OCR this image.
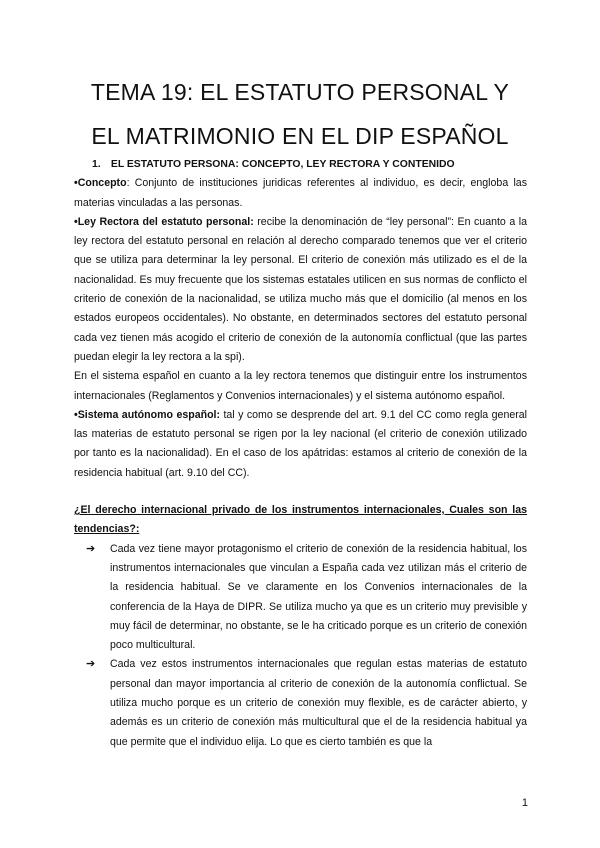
TEMA 19: EL ESTATUTO PERSONAL Y
EL MATRIMONIO EN EL DIP ESPAÑOL

1. EL ESTATUTO PERSONA: CONCEPTO, LEY RECTORA Y CONTENIDO

•Concepto: Conjunto de instituciones juridicas referentes al individuo, es decir, engloba las materias vinculadas a las personas.

•Ley Rectora del estatuto personal: recibe la denominación de “ley personal”: En cuanto a la ley rectora del estatuto personal en relación al derecho comparado tenemos que ver el criterio que se utiliza para determinar la ley personal. El criterio de conexión más utilizado es el de la nacionalidad. Es muy frecuente que los sistemas estatales utilicen en sus normas de conflicto el criterio de conexión de la nacionalidad, se utiliza mucho más que el domicilio (al menos en los estados europeos occidentales). No obstante, en determinados sectores del estatuto personal cada vez tienen más acogido el criterio de conexión de la autonomía conflictual (que las partes puedan elegir la ley rectora a la spi).

En el sistema español en cuanto a la ley rectora tenemos que distinguir entre los instrumentos internacionales (Reglamentos y Convenios internacionales) y el sistema autónomo español.

•Sistema autónomo español: tal y como se desprende del art. 9.1 del CC como regla general las materias de estatuto personal se rigen por la ley nacional (el criterio de conexión utilizado por tanto es la nacionalidad). En el caso de los apátridas: estamos al criterio de conexión de la residencia habitual (art. 9.10 del CC).

¿El derecho internacional privado de los instrumentos internacionales, Cuales son las tendencias?:

➔ Cada vez tiene mayor protagonismo el criterio de conexión de la residencia habitual, los instrumentos internacionales que vinculan a España cada vez utilizan más el criterio de la residencia habitual. Se ve claramente en los Convenios internacionales de la conferencia de la Haya de DIPR. Se utiliza mucho ya que es un criterio muy previsible y muy fácil de determinar, no obstante, se le ha criticado porque es un criterio de conexión poco multicultural.
➔ Cada vez estos instrumentos internacionales que regulan estas materias de estatuto personal dan mayor importancia al criterio de conexión de la autonomía conflictual. Se utiliza mucho porque es un criterio de conexión muy flexible, es de carácter abierto, y además es un criterio de conexión más multicultural que el de la residencia habitual ya que permite que el individuo elija. Lo que es cierto también es que la
1
